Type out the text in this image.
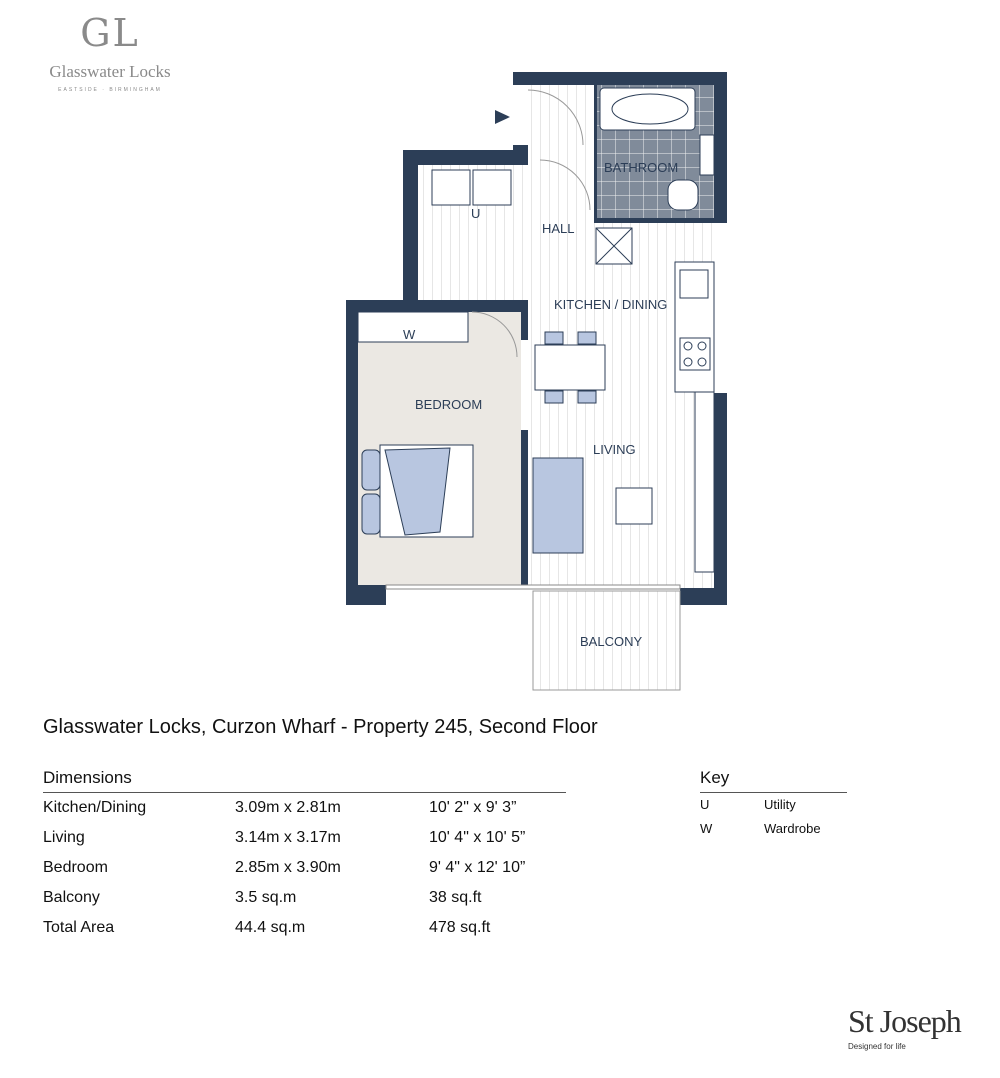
GL
Glasswater Locks
EASTSIDE · BIRMINGHAM
BATHROOM
HALL
U
KITCHEN / DINING
W
BEDROOM
LIVING
BALCONY
Glasswater Locks, Curzon Wharf - Property 245, Second Floor
Dimensions
Kitchen/Dining	3.09m x 2.81m	10' 2" x 9' 3”
Living	3.14m x 3.17m	10' 4" x 10' 5”
Bedroom	2.85m x 3.90m	9' 4" x 12' 10”
Balcony	3.5 sq.m	38 sq.ft
Total Area	44.4 sq.m	478 sq.ft
Key
U	Utility
W	Wardrobe
St Joseph
Designed for life
